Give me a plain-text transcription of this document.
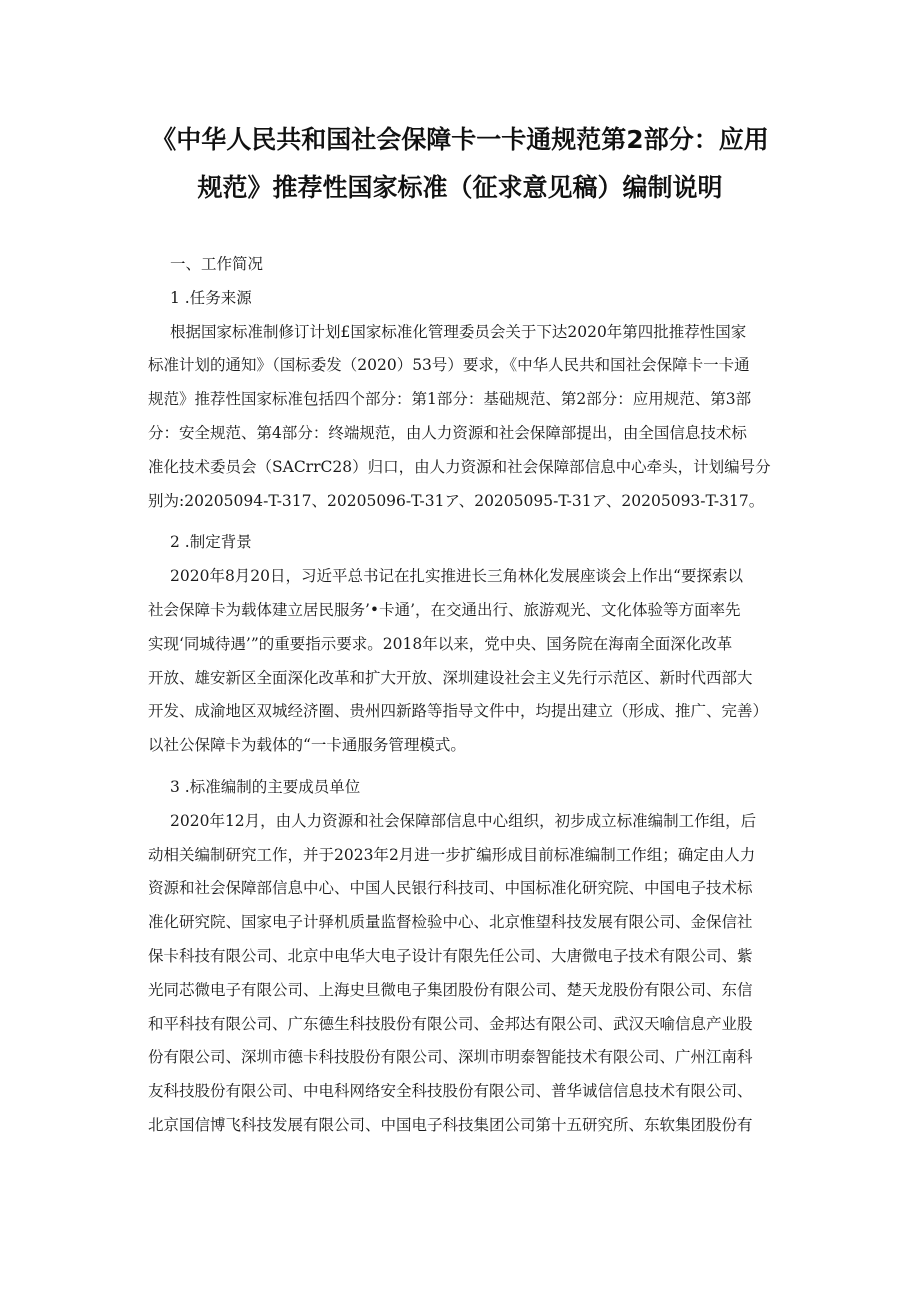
《中华人民共和国社会保障卡一卡通规范第2部分：应用
规范》推荐性国家标准（征求意见稿）编制说明

一、工作简况

1 .任务来源

根据国家标准制修订计划£国家标准化管理委员会关于下达2020年第四批推荐性国家

标准计划的通知》（国标委发（2020）53号）要求，《中华人民共和国社会保障卡一卡通

规范》推荐性国家标准包括四个部分：第1部分：基础规范、第2部分：应用规范、第3部

分：安全规范、第4部分：终端规范，由人力资源和社会保障部提出，由全国信息技术标

准化技术委员会（SACrrC28）归口，由人力资源和社会保障部信息中心牵头，计划编号分

别为:20205094-T-317、20205096-T-31ア、20205095-T-31ア、20205093-T-317。

2 .制定背景

2020年8月20日，习近平总书记在扎实推进长三角林化发展座谈会上作出“要探索以

社会保障卡为载体建立居民服务’•卡通’，在交通出行、旅游观光、文化体验等方面率先

实现‘同城待遇’”的重要指示要求。2018年以来，党中央、国务院在海南全面深化改革

开放、雄安新区全面深化改革和扩大开放、深圳建设社会主义先行示范区、新时代西部大

开发、成渝地区双城经济圈、贵州四新路等指导文件中，均提出建立（形成、推广、完善）

以社公保障卡为载体的“一卡通服务管理模式。

3 .标准编制的主要成员单位

2020年12月，由人力资源和社会保障部信息中心组织，初步成立标准编制工作组，后

动相关编制研究工作，并于2023年2月进一步扩编形成目前标准编制工作组；确定由人力

资源和社会保障部信息中心、中国人民银行科技司、中国标准化研究院、中国电子技术标

准化研究院、国家电子计驿机质量监督检验中心、北京惟望科技发展有限公司、金保信社

保卡科技有限公司、北京中电华大电子设计有限先任公司、大唐微电子技术有限公司、紫

光同芯微电子有限公司、上海史旦微电子集团股份有限公司、楚天龙股份有限公司、东信

和平科技有限公司、广东德生科技股份有限公司、金邦达有限公司、武汉天喻信息产业股

份有限公司、深圳市德卡科技股份有限公司、深圳市明泰智能技术有限公司、广州江南科

友科技股份有限公司、中电科网络安全科技股份有限公司、普华诚信信息技术有限公司、

北京国信博飞科技发展有限公司、中国电子科技集团公司第十五研究所、东软集团股份有
